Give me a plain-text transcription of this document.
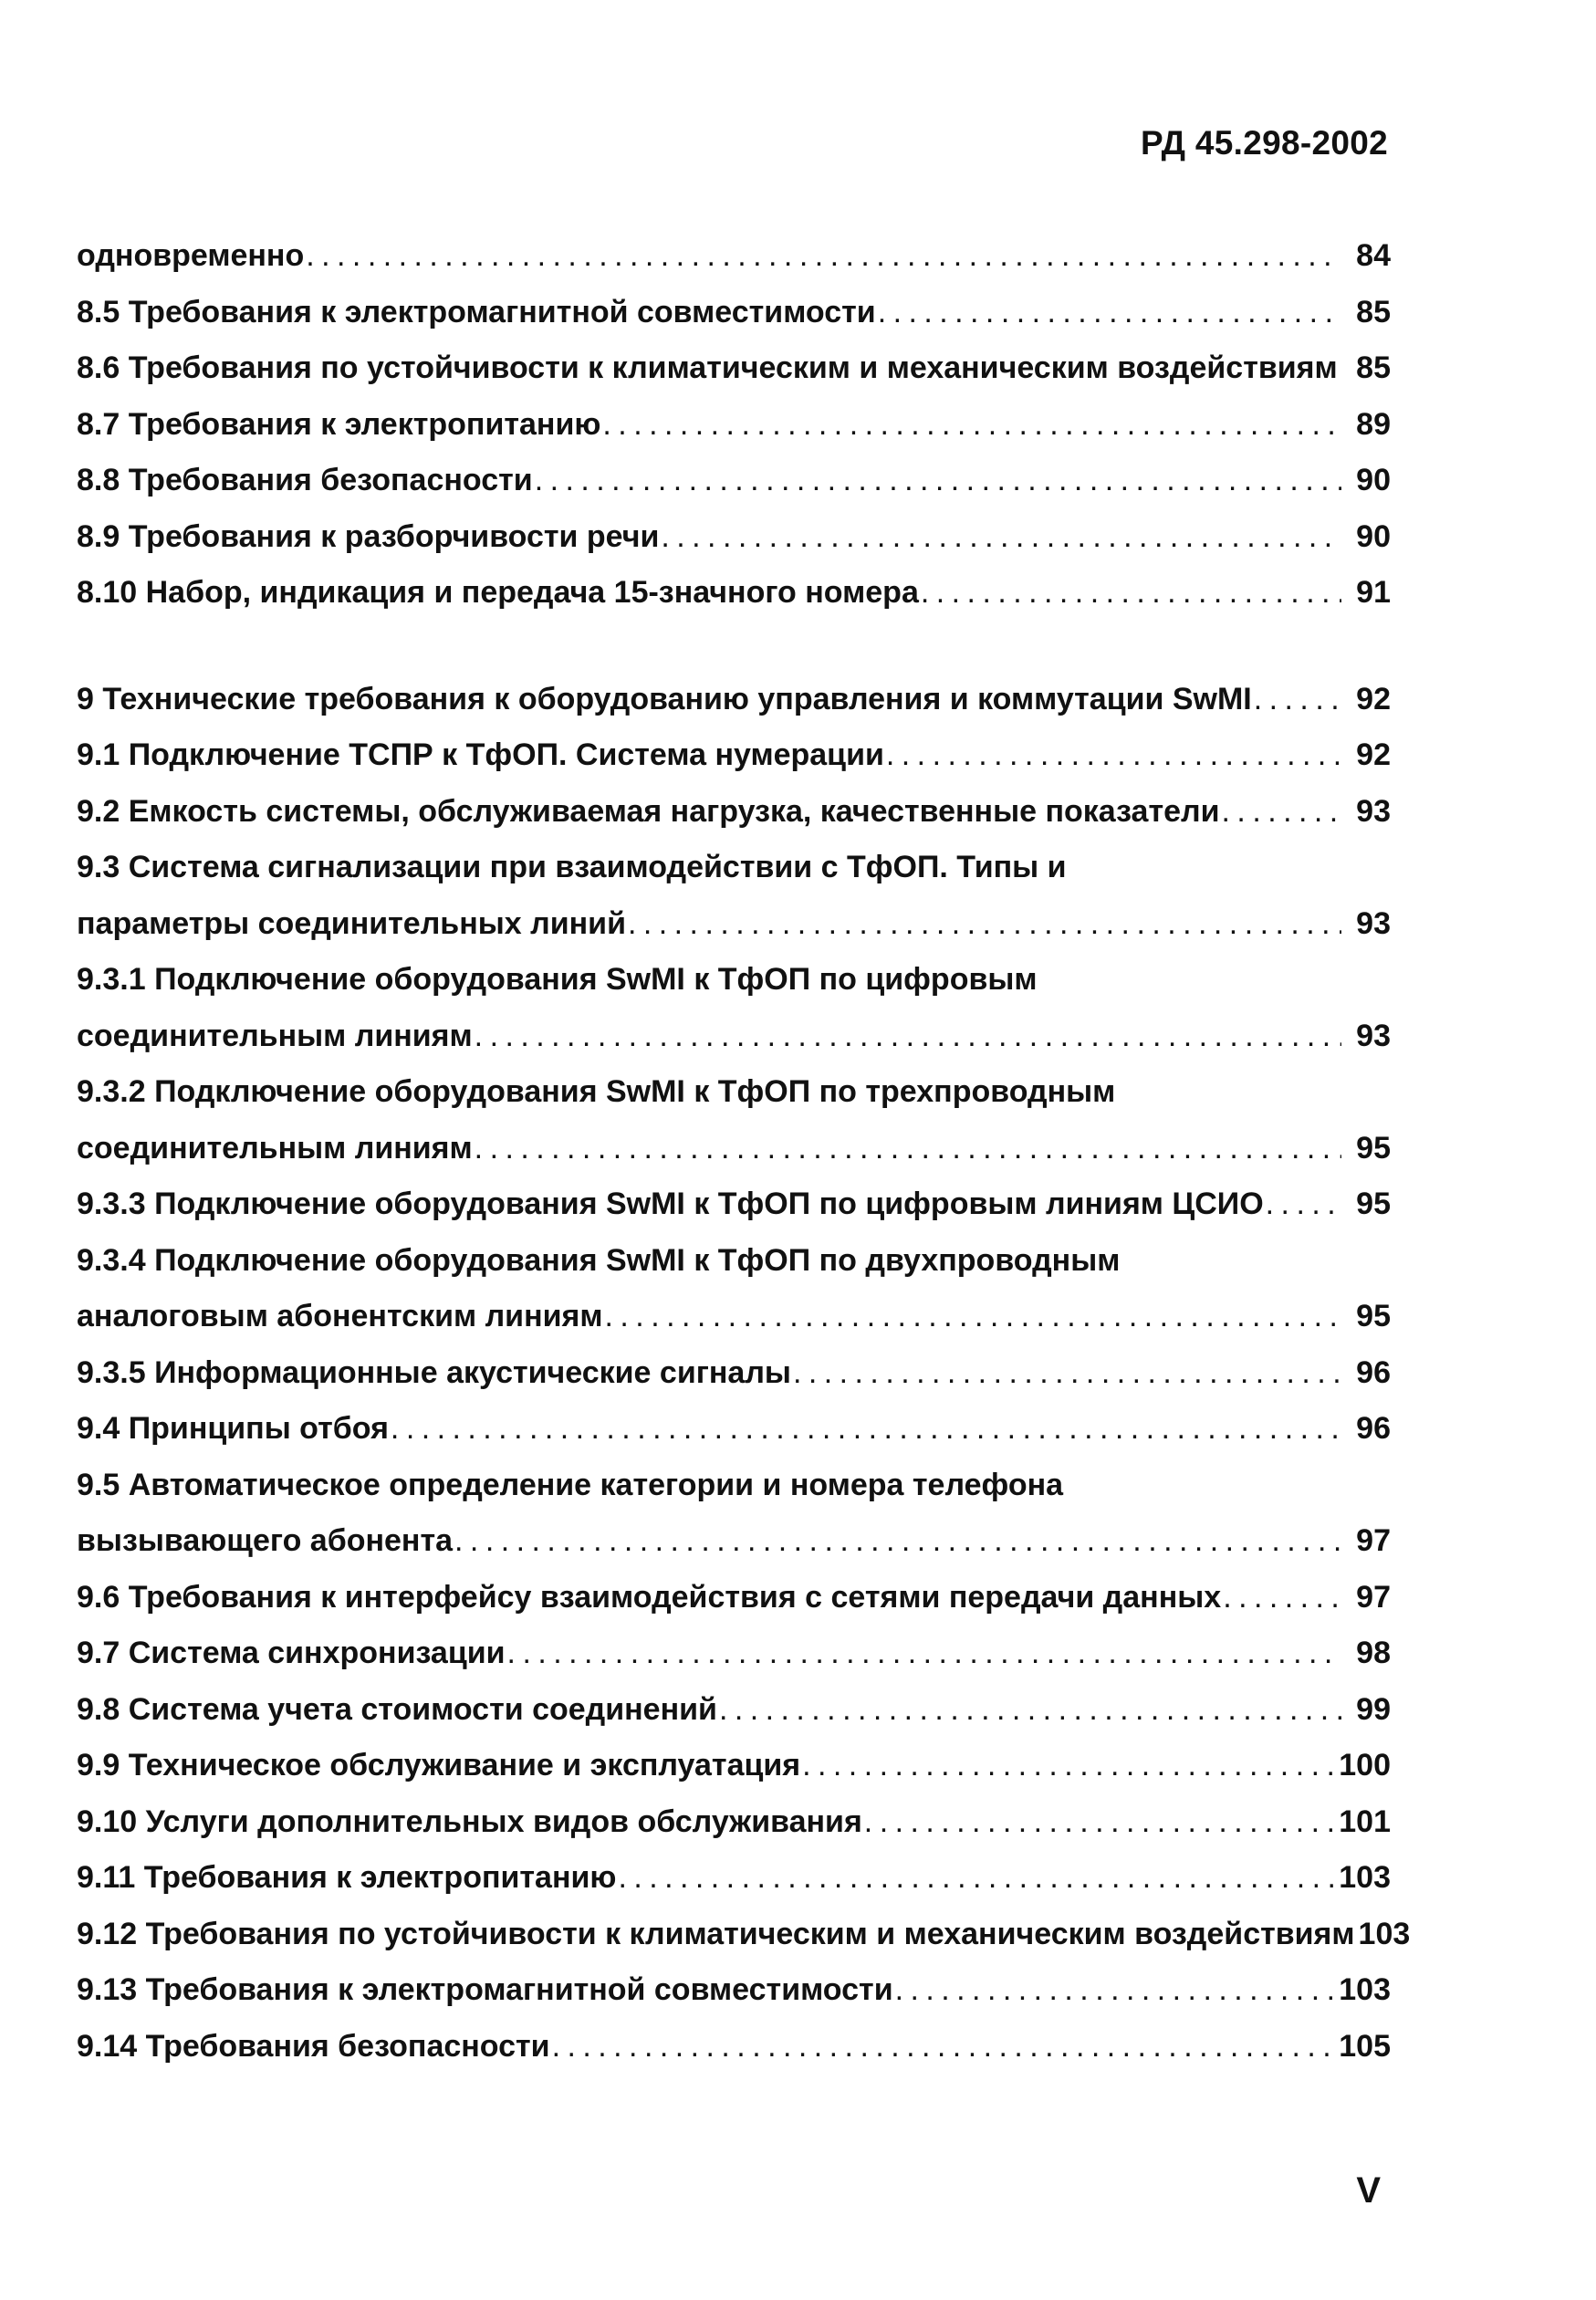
РД 45.298-2002
одновременно . . .	84
8.5 Требования к электромагнитной совместимости . . .	85
8.6 Требования по устойчивости к климатическим и механическим воздействиям . . . 85
8.7 Требования к электропитанию . . .	89
8.8 Требования безопасности . . .	90
8.9 Требования к разборчивости речи . . .	90
8.10 Набор, индикация и передача 15-значного номера . . .	91
9 Технические требования к оборудованию управления и коммутации SwMI . . .	92
9.1 Подключение ТСПР к ТфОП. Система нумерации . . .	92
9.2 Емкость системы, обслуживаемая нагрузка, качественные показатели . . .	93
9.3 Система сигнализации при взаимодействии с ТфОП. Типы и
параметры соединительных линий . . .	93
9.3.1 Подключение оборудования SwMI к ТфОП по цифровым
соединительным линиям . . .	93
9.3.2 Подключение оборудования SwMI к ТфОП по трехпроводным
соединительным линиям . . .	95
9.3.3 Подключение оборудования SwMI к ТфОП по цифровым линиям ЦСИО . . .	95
9.3.4 Подключение оборудования SwMI к ТфОП по двухпроводным
аналоговым абонентским линиям . . .	95
9.3.5 Информационные акустические сигналы . . .	96
9.4 Принципы отбоя . . .	96
9.5 Автоматическое определение категории и номера телефона
вызывающего абонента . . .	97
9.6 Требования к интерфейсу взаимодействия с сетями передачи данных . . .	97
9.7 Система синхронизации . . .	98
9.8 Система учета стоимости соединений . . .	99
9.9 Техническое обслуживание и эксплуатация . . .	100
9.10 Услуги дополнительных видов обслуживания . . .	101
9.11 Требования к электропитанию . . .	103
9.12 Требования по устойчивости к климатическим и механическим воздействиям 103
9.13 Требования к электромагнитной совместимости . . .	103
9.14 Требования безопасности . . .	105
V
